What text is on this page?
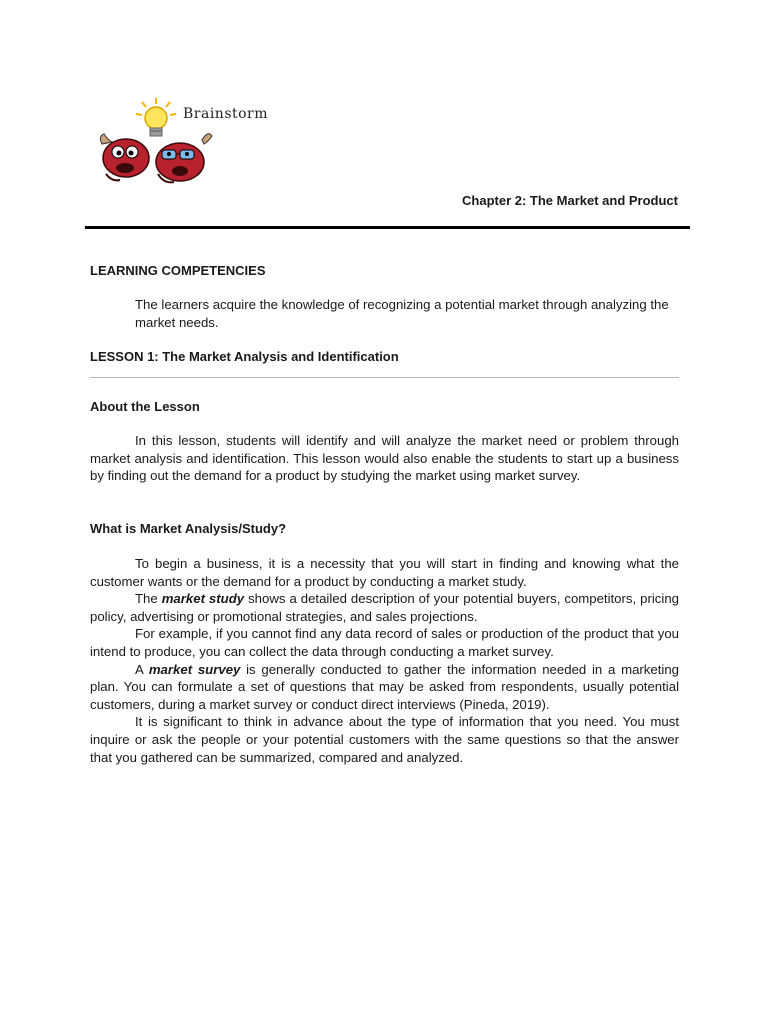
Brainstorm
Chapter 2: The Market and Product
LEARNING COMPETENCIES
The learners acquire the knowledge of recognizing a potential market through analyzing the market needs.
LESSON 1: The Market Analysis and Identification
About the Lesson

In this lesson, students will identify and will analyze the market need or problem through market analysis and identification. This lesson would also enable the students to start up a business by finding out the demand for a product by studying the market using market survey.

What is Market Analysis/Study?

To begin a business, it is a necessity that you will start in finding and knowing what the customer wants or the demand for a product by conducting a market study.

The market study shows a detailed description of your potential buyers, competitors, pricing policy, advertising or promotional strategies, and sales projections.

For example, if you cannot find any data record of sales or production of the product that you intend to produce, you can collect the data through conducting a market survey.

A market survey is generally conducted to gather the information needed in a marketing plan. You can formulate a set of questions that may be asked from respondents, usually potential customers, during a market survey or conduct direct interviews (Pineda, 2019).

It is significant to think in advance about the type of information that you need. You must inquire or ask the people or your potential customers with the same questions so that the answer that you gathered can be summarized, compared and analyzed.
